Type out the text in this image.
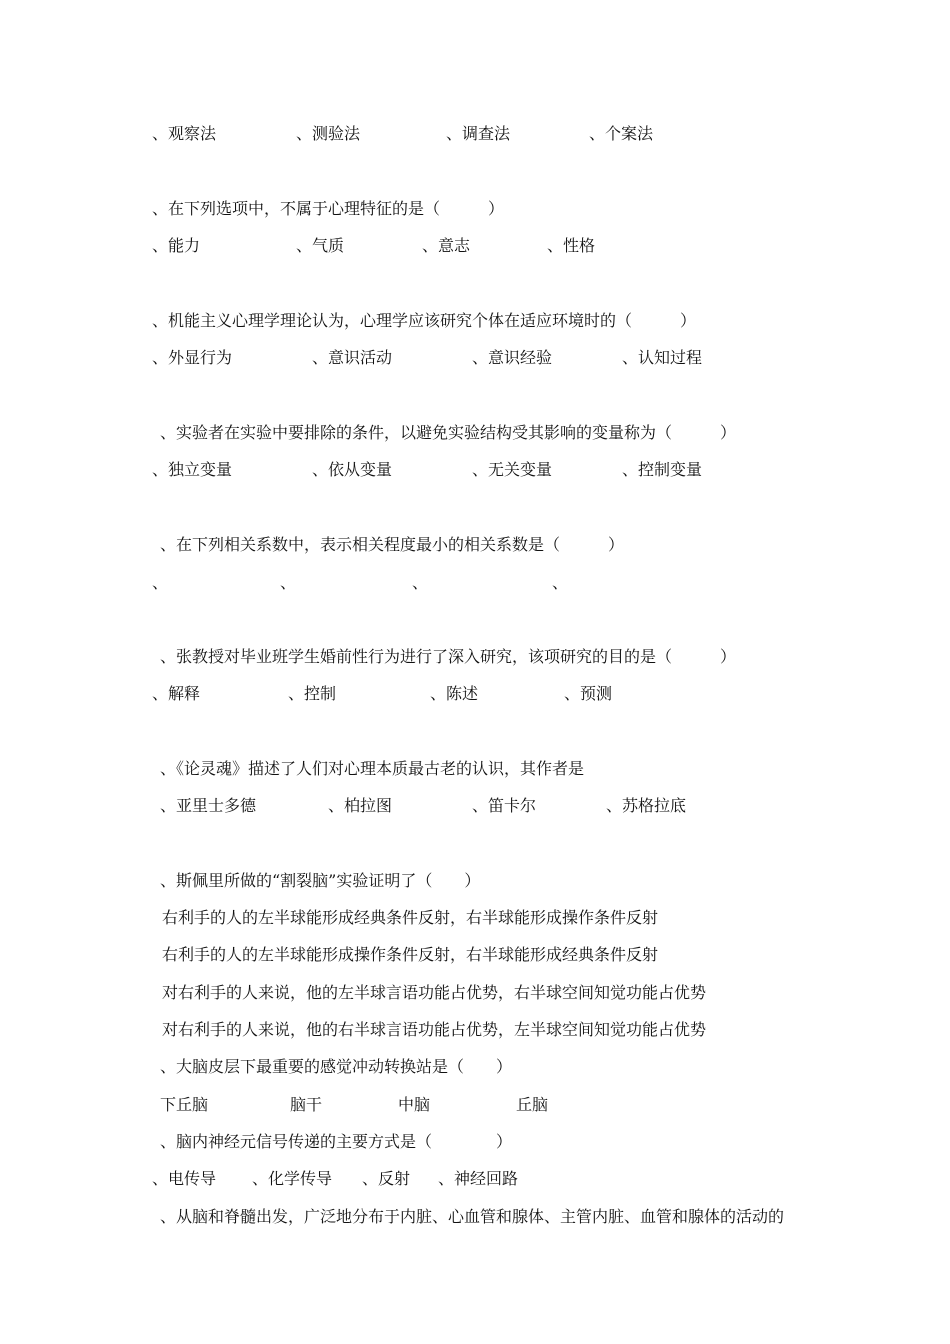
、观察法	、测验法	、调查法	、个案法
、在下列选项中，不属于心理特征的是（　　　）
、能力	、气质	、意志	、性格
、机能主义心理学理论认为，心理学应该研究个体在适应环境时的（　　　）
、外显行为	、意识活动	、意识经验	、认知过程
、实验者在实验中要排除的条件，以避免实验结构受其影响的变量称为（　　　）
、独立变量	、依从变量	、无关变量	、控制变量
、在下列相关系数中，表示相关程度最小的相关系数是（　　　）
、	、	、	、
、张教授对毕业班学生婚前性行为进行了深入研究，该项研究的目的是（　　　）
、解释	、控制	、陈述	、预测
、《论灵魂》描述了人们对心理本质最古老的认识，其作者是
、亚里士多德	、柏拉图	、笛卡尔	、苏格拉底
、斯佩里所做的“割裂脑”实验证明了（　　）
右利手的人的左半球能形成经典条件反射，右半球能形成操作条件反射
右利手的人的左半球能形成操作条件反射，右半球能形成经典条件反射
对右利手的人来说，他的左半球言语功能占优势，右半球空间知觉功能占优势
对右利手的人来说，他的右半球言语功能占优势，左半球空间知觉功能占优势
、大脑皮层下最重要的感觉冲动转换站是（　　）
下丘脑	脑干	中脑	丘脑
、脑内神经元信号传递的主要方式是（　　　　）
、电传导 、化学传导 、反射 、神经回路
、从脑和脊髓出发，广泛地分布于内脏、心血管和腺体、主管内脏、血管和腺体的活动的
